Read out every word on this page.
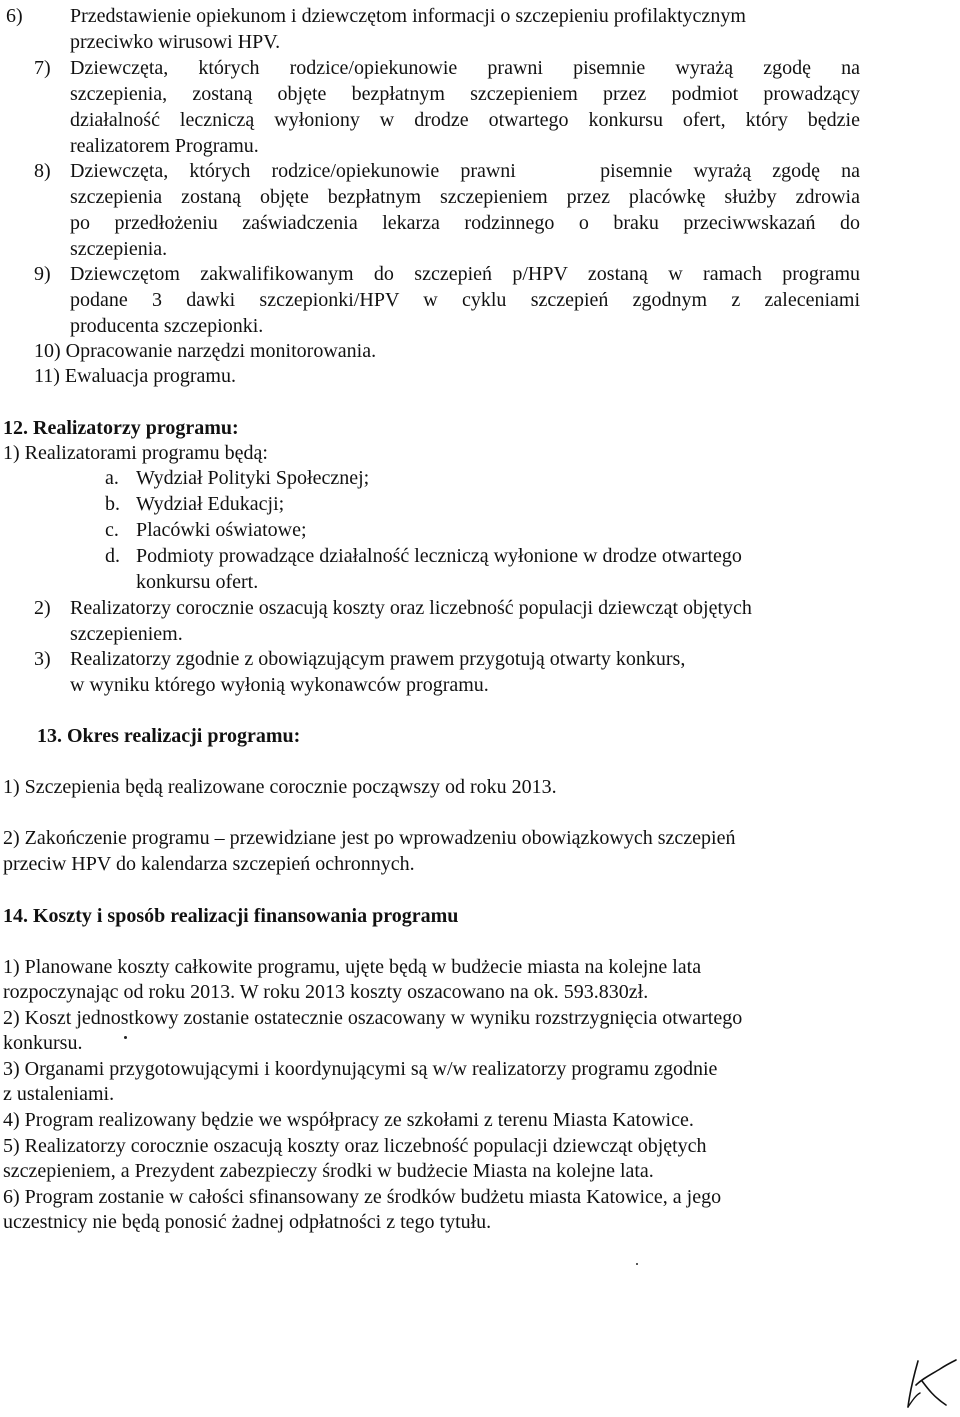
6) Przedstawienie opiekunom i dziewczętom informacji o szczepieniu profilaktycznym
przeciwko wirusowi HPV.
7) Dziewczęta, których rodzice/opiekunowie prawni pisemnie wyrażą zgodę na
szczepienia, zostaną objęte bezpłatnym szczepieniem przez podmiot prowadzący
działalność leczniczą wyłoniony w drodze otwartego konkursu ofert, który będzie
realizatorem Programu.
8) Dziewczęta, których rodzice/opiekunowie prawni    pisemnie wyrażą zgodę na
szczepienia zostaną objęte bezpłatnym szczepieniem przez placówkę służby zdrowia
po przedłożeniu zaświadczenia lekarza rodzinnego o braku przeciwwskazań do
szczepienia.
9) Dziewczętom zakwalifikowanym do szczepień p/HPV zostaną w ramach programu
podane 3 dawki szczepionki/HPV w cyklu szczepień zgodnym z zaleceniami
producenta szczepionki.
10) Opracowanie narzędzi monitorowania.
11) Ewaluacja programu.
12. Realizatorzy programu:
1) Realizatorami programu będą:
a. Wydział Polityki Społecznej;
b. Wydział Edukacji;
c. Placówki oświatowe;
d. Podmioty prowadzące działalność leczniczą wyłonione w drodze otwartego
konkursu ofert.
2) Realizatorzy corocznie oszacują koszty oraz liczebność populacji dziewcząt objętych
szczepieniem.
3) Realizatorzy zgodnie z obowiązującym prawem przygotują otwarty konkurs,
w wyniku którego wyłonią wykonawców programu.
13. Okres realizacji programu:
1) Szczepienia będą realizowane corocznie począwszy od roku 2013.
2) Zakończenie programu – przewidziane jest po wprowadzeniu obowiązkowych szczepień
przeciw HPV do kalendarza szczepień ochronnych.
14. Koszty i sposób realizacji finansowania programu
1) Planowane koszty całkowite programu, ujęte będą w budżecie miasta na kolejne lata
rozpoczynając od roku 2013. W roku 2013 koszty oszacowano na ok. 593.830zł.
2) Koszt jednostkowy zostanie ostatecznie oszacowany w wyniku rozstrzygnięcia otwartego
konkursu.
3) Organami przygotowującymi i koordynującymi są w/w realizatorzy programu zgodnie
z ustaleniami.
4) Program realizowany będzie we współpracy ze szkołami z terenu Miasta Katowice.
5) Realizatorzy corocznie oszacują koszty oraz liczebność populacji dziewcząt objętych
szczepieniem, a Prezydent zabezpieczy środki w budżecie Miasta na kolejne lata.
6) Program zostanie w całości sfinansowany ze środków budżetu miasta Katowice, a jego
uczestnicy nie będą ponosić żadnej odpłatności z tego tytułu.
